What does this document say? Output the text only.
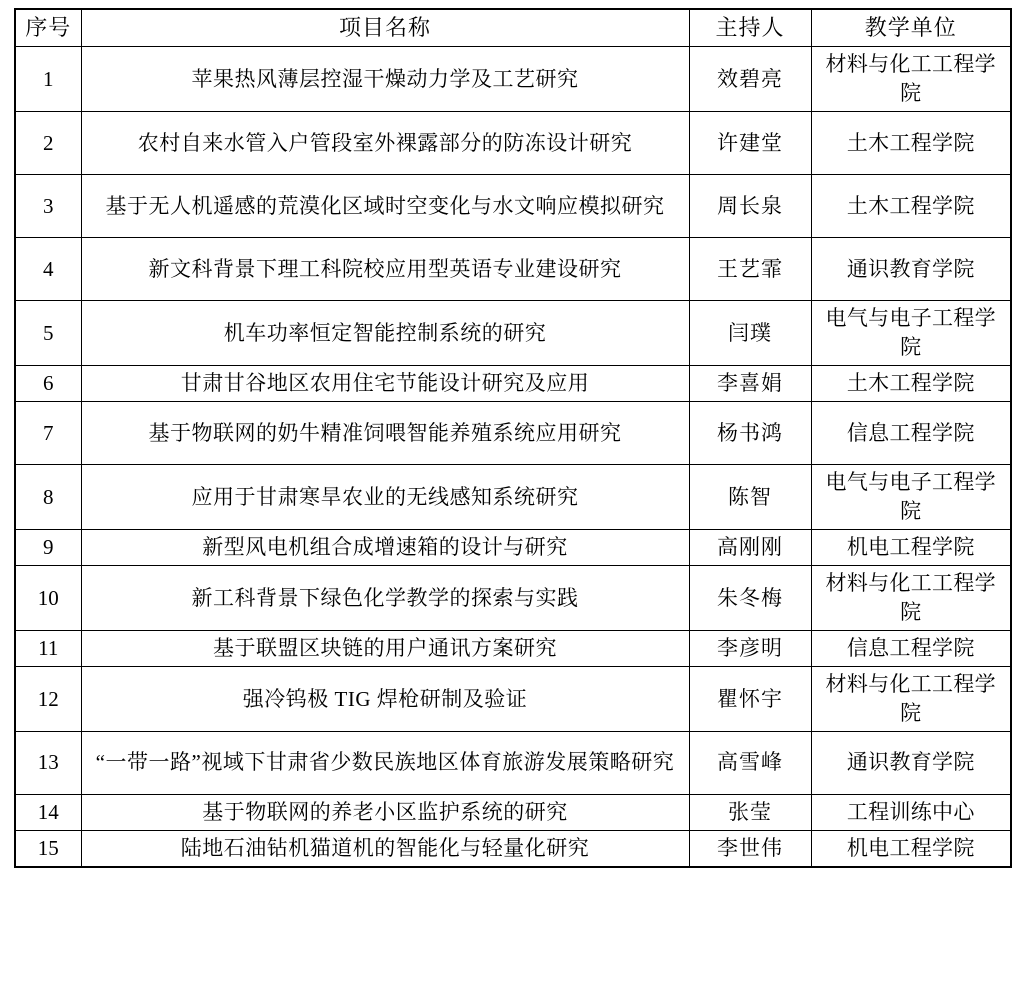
序号	项目名称	主持人	教学单位
1	苹果热风薄层控湿干燥动力学及工艺研究	效碧亮	材料与化工工程学院
2	农村自来水管入户管段室外裸露部分的防冻设计研究	许建堂	土木工程学院
3	基于无人机遥感的荒漠化区域时空变化与水文响应模拟研究	周长泉	土木工程学院
4	新文科背景下理工科院校应用型英语专业建设研究	王艺霏	通识教育学院
5	机车功率恒定智能控制系统的研究	闫璞	电气与电子工程学院
6	甘肃甘谷地区农用住宅节能设计研究及应用	李喜娟	土木工程学院
7	基于物联网的奶牛精准饲喂智能养殖系统应用研究	杨书鸿	信息工程学院
8	应用于甘肃寒旱农业的无线感知系统研究	陈智	电气与电子工程学院
9	新型风电机组合成增速箱的设计与研究	高刚刚	机电工程学院
10	新工科背景下绿色化学教学的探索与实践	朱冬梅	材料与化工工程学院
11	基于联盟区块链的用户通讯方案研究	李彦明	信息工程学院
12	强冷钨极 TIG 焊枪研制及验证	瞿怀宇	材料与化工工程学院
13	“一带一路”视域下甘肃省少数民族地区体育旅游发展策略研究	高雪峰	通识教育学院
14	基于物联网的养老小区监护系统的研究	张莹	工程训练中心
15	陆地石油钻机猫道机的智能化与轻量化研究	李世伟	机电工程学院
